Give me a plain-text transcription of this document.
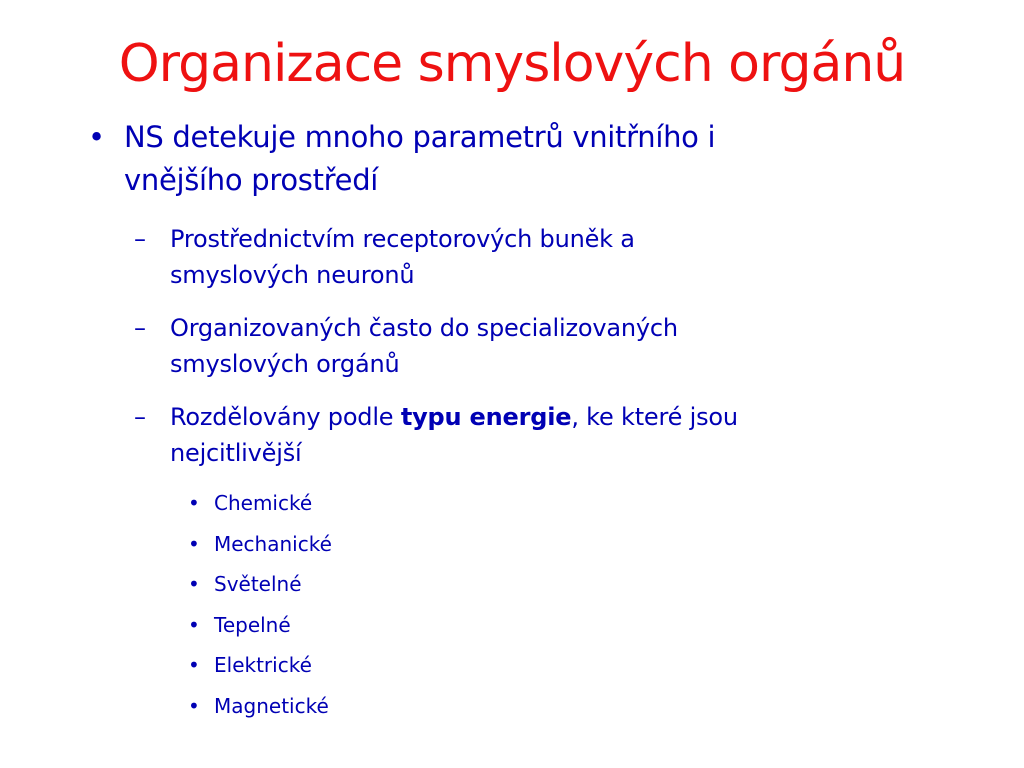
Organizace smyslových orgánů
• NS detekuje mnoho parametrů vnitřního i
vnějšího prostředí
– Prostřednictvím receptorových buněk a
smyslových neuronů
– Organizovaných často do specializovaných
smyslových orgánů
– Rozdělovány podle typu energie, ke které jsou
nejcitlivější
• Chemické
• Mechanické
• Světelné
• Tepelné
• Elektrické
• Magnetické
